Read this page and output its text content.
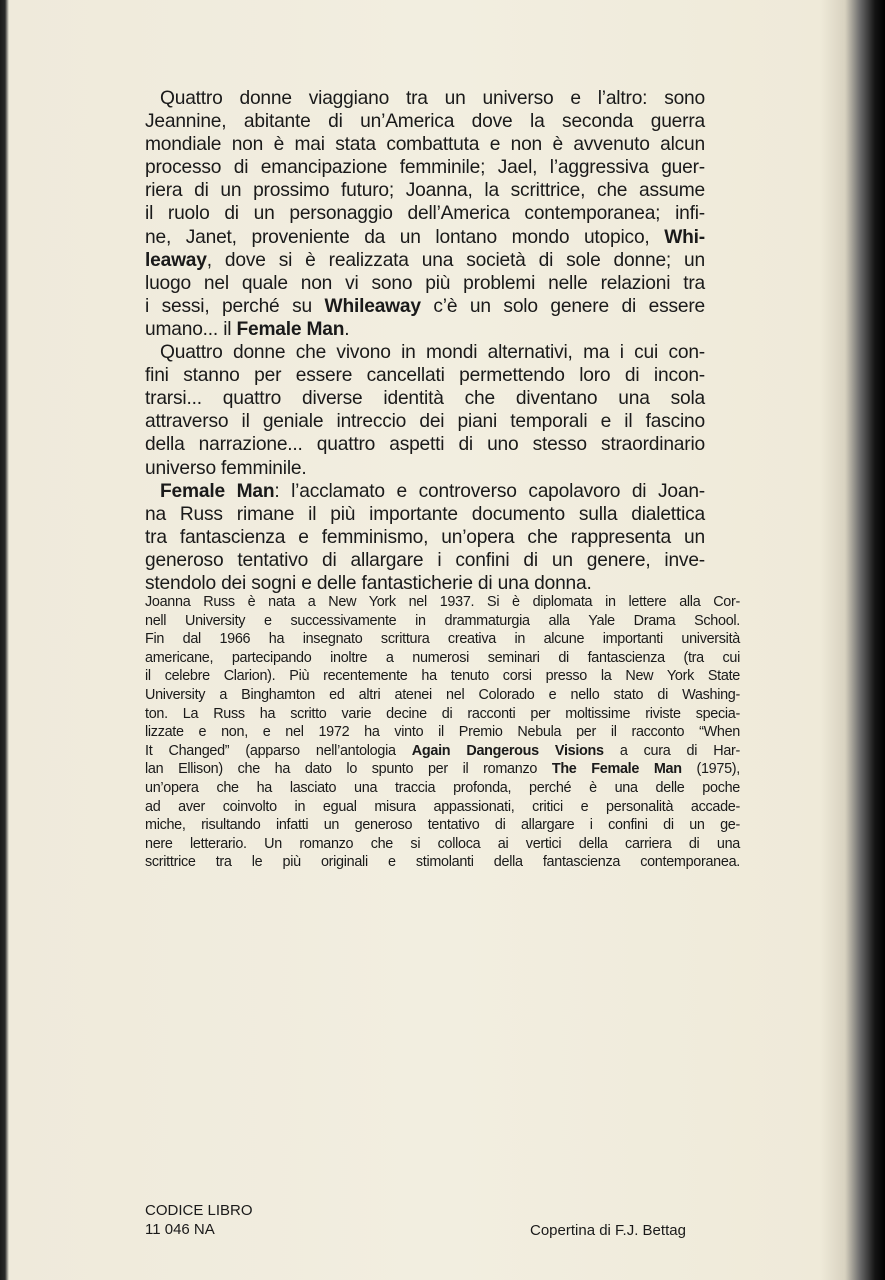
Quattro donne viaggiano tra un universo e l’altro: sono
Jeannine, abitante di un’America dove la seconda guerra
mondiale non è mai stata combattuta e non è avvenuto alcun
processo di emancipazione femminile; Jael, l’aggressiva guer-
riera di un prossimo futuro; Joanna, la scrittrice, che assume
il ruolo di un personaggio dell’America contemporanea; infi-
ne, Janet, proveniente da un lontano mondo utopico, Whi-
leaway, dove si è realizzata una società di sole donne; un
luogo nel quale non vi sono più problemi nelle relazioni tra
i sessi, perché su Whileaway c’è un solo genere di essere
umano... il Female Man.
Quattro donne che vivono in mondi alternativi, ma i cui con-
fini stanno per essere cancellati permettendo loro di incon-
trarsi... quattro diverse identità che diventano una sola
attraverso il geniale intreccio dei piani temporali e il fascino
della narrazione... quattro aspetti di uno stesso straordinario
universo femminile.
Female Man: l’acclamato e controverso capolavoro di Joan-
na Russ rimane il più importante documento sulla dialettica
tra fantascienza e femminismo, un’opera che rappresenta un
generoso tentativo di allargare i confini di un genere, inve-
stendolo dei sogni e delle fantasticherie di una donna.
Joanna Russ è nata a New York nel 1937. Si è diplomata in lettere alla Cor-
nell University e successivamente in drammaturgia alla Yale Drama School.
Fin dal 1966 ha insegnato scrittura creativa in alcune importanti università
americane, partecipando inoltre a numerosi seminari di fantascienza (tra cui
il celebre Clarion). Più recentemente ha tenuto corsi presso la New York State
University a Binghamton ed altri atenei nel Colorado e nello stato di Washing-
ton. La Russ ha scritto varie decine di racconti per moltissime riviste specia-
lizzate e non, e nel 1972 ha vinto il Premio Nebula per il racconto “When
It Changed” (apparso nell’antologia Again Dangerous Visions a cura di Har-
lan Ellison) che ha dato lo spunto per il romanzo The Female Man (1975),
un’opera che ha lasciato una traccia profonda, perché è una delle poche
ad aver coinvolto in egual misura appassionati, critici e personalità accade-
miche, risultando infatti un generoso tentativo di allargare i confini di un ge-
nere letterario. Un romanzo che si colloca ai vertici della carriera di una
scrittrice tra le più originali e stimolanti della fantascienza contemporanea.
CODICE LIBRO
11 046 NA	Copertina di F.J. Bettag
